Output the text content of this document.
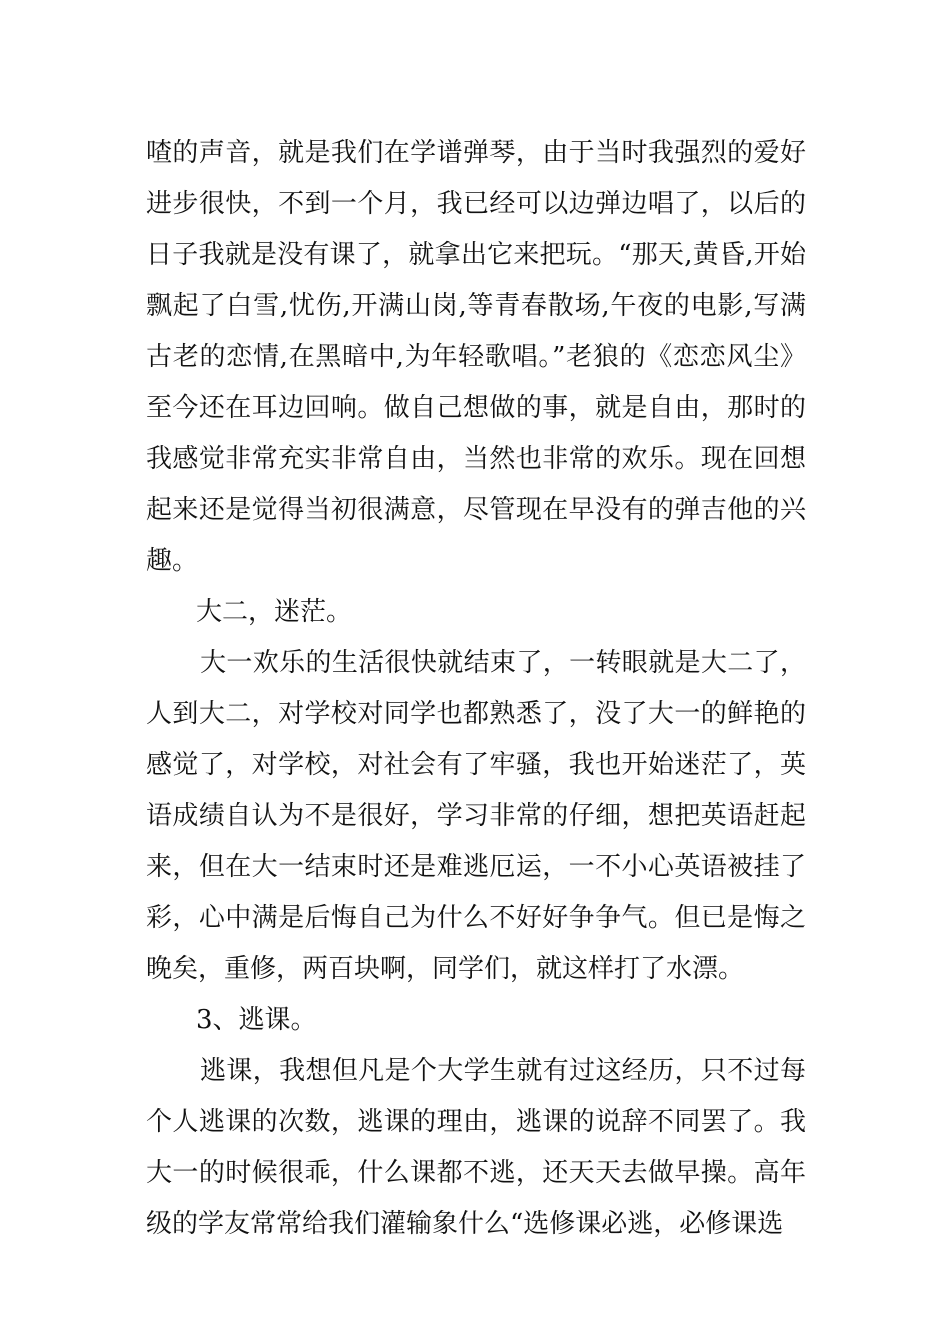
喳的声音，就是我们在学谱弹琴，由于当时我强烈的爱好进步很快，不到一个月，我已经可以边弹边唱了，以后的日子我就是没有课了，就拿出它来把玩。“那天,黄昏,开始飘起了白雪,忧伤,开满山岗,等青春散场,午夜的电影,写满古老的恋情,在黑暗中,为年轻歌唱。”老狼的《恋恋风尘》至今还在耳边回响。做自己想做的事，就是自由，那时的我感觉非常充实非常自由，当然也非常的欢乐。现在回想起来还是觉得当初很满意，尽管现在早没有的弹吉他的兴趣。

大二，迷茫。

大一欢乐的生活很快就结束了，一转眼就是大二了，人到大二，对学校对同学也都熟悉了，没了大一的鲜艳的感觉了，对学校，对社会有了牢骚，我也开始迷茫了，英语成绩自认为不是很好，学习非常的仔细，想把英语赶起来，但在大一结束时还是难逃厄运，一不小心英语被挂了彩，心中满是后悔自己为什么不好好争争气。但已是悔之晚矣，重修，两百块啊，同学们，就这样打了水漂。

3、逃课。

逃课，我想但凡是个大学生就有过这经历，只不过每个人逃课的次数，逃课的理由，逃课的说辞不同罢了。我大一的时候很乖，什么课都不逃，还天天去做早操。高年级的学友常常给我们灌输象什么“选修课必逃，必修课选
